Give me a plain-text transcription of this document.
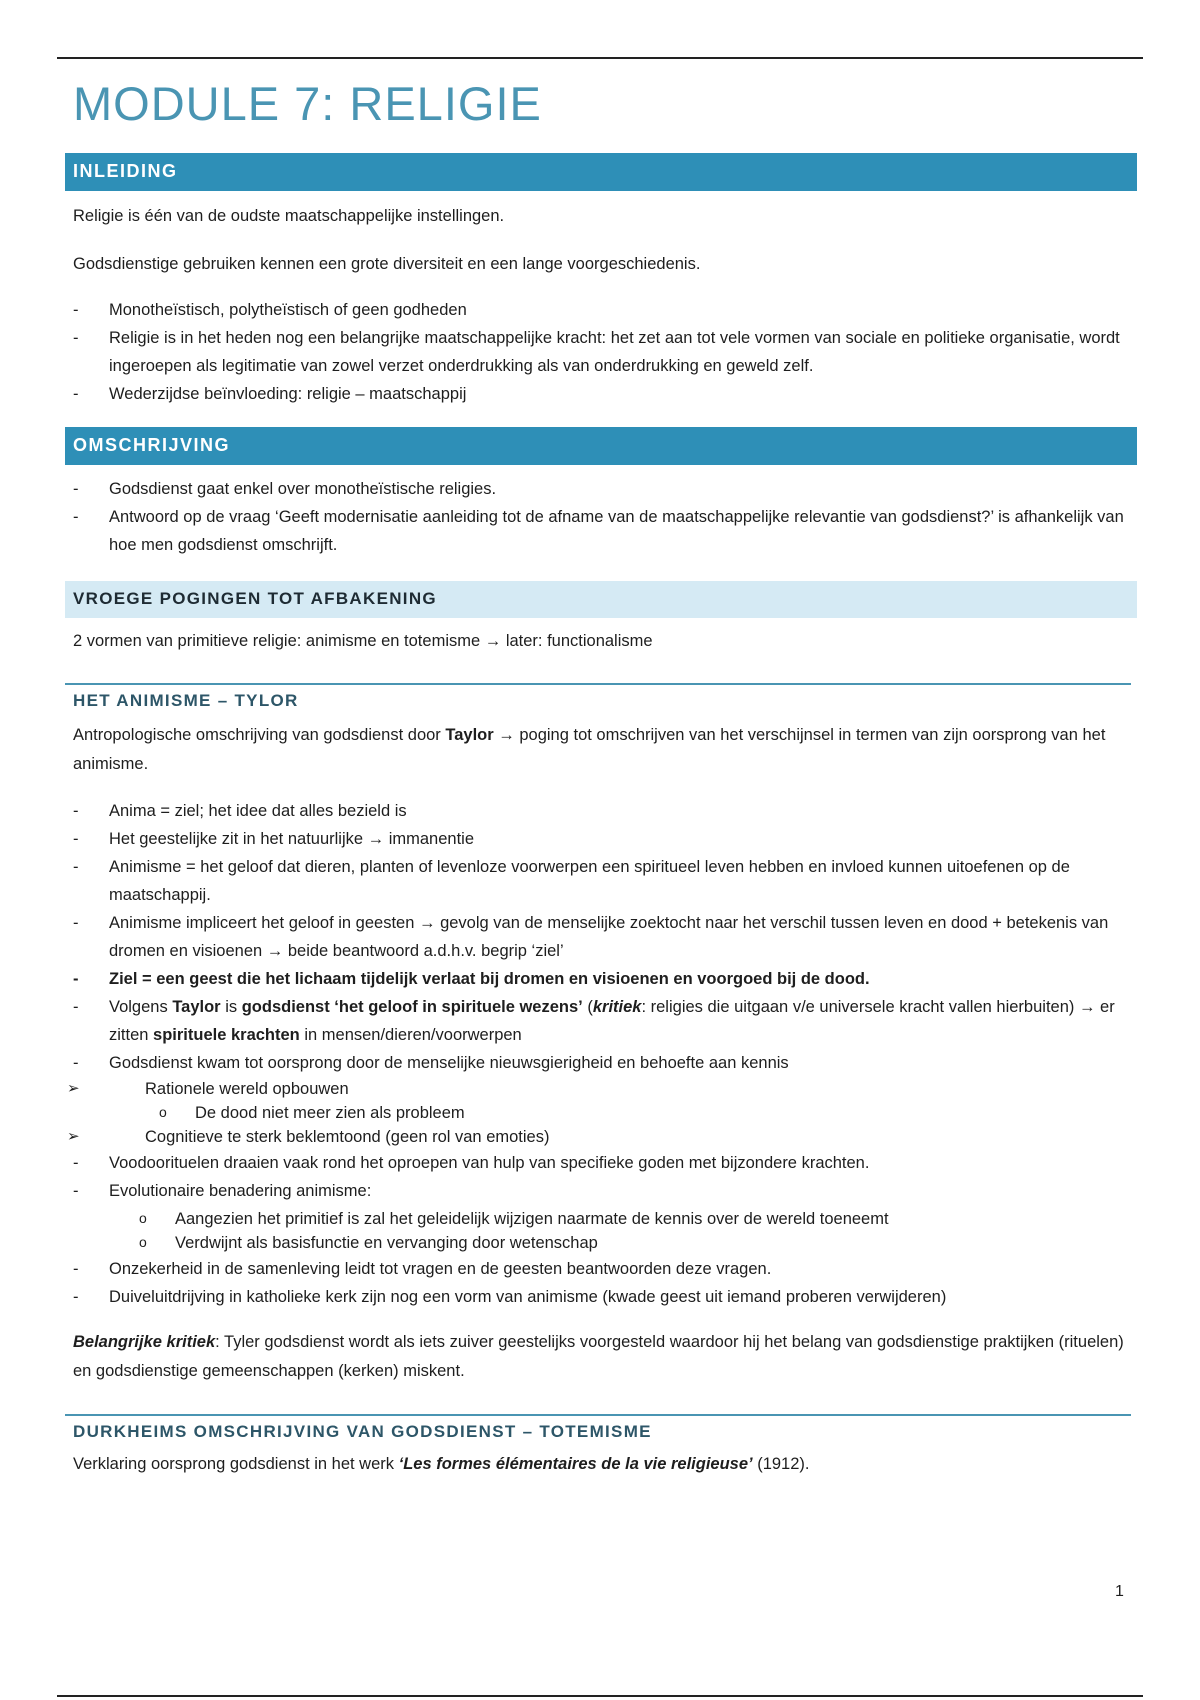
MODULE 7: RELIGIE
INLEIDING

Religie is één van de oudste maatschappelijke instellingen.

Godsdienstige gebruiken kennen een grote diversiteit en een lange voorgeschiedenis.

- Monotheïstisch, polytheïstisch of geen godheden
- Religie is in het heden nog een belangrijke maatschappelijke kracht: het zet aan tot vele vormen van sociale en politieke organisatie, wordt ingeroepen als legitimatie van zowel verzet onderdrukking als van onderdrukking en geweld zelf.
- Wederzijdse beïnvloeding: religie – maatschappij
OMSCHRIJVING
- Godsdienst gaat enkel over monotheïstische religies.
- Antwoord op de vraag ‘Geeft modernisatie aanleiding tot de afname van de maatschappelijke relevantie van godsdienst?’ is afhankelijk van hoe men godsdienst omschrijft.
VROEGE POGINGEN TOT AFBAKENING

2 vormen van primitieve religie: animisme en totemisme → later: functionalisme

HET ANIMISME – TYLOR

Antropologische omschrijving van godsdienst door Taylor → poging tot omschrijven van het verschijnsel in termen van zijn oorsprong van het animisme.

- Anima = ziel; het idee dat alles bezield is
- Het geestelijke zit in het natuurlijke → immanentie
- Animisme = het geloof dat dieren, planten of levenloze voorwerpen een spiritueel leven hebben en invloed kunnen uitoefenen op de maatschappij.
- Animisme impliceert het geloof in geesten → gevolg van de menselijke zoektocht naar het verschil tussen leven en dood + betekenis van dromen en visioenen → beide beantwoord a.d.h.v. begrip ‘ziel’
- Ziel = een geest die het lichaam tijdelijk verlaat bij dromen en visioenen en voorgoed bij de dood.
- Volgens Taylor is godsdienst ‘het geloof in spirituele wezens’ (kritiek: religies die uitgaan v/e universele kracht vallen hierbuiten) → er zitten spirituele krachten in mensen/dieren/voorwerpen
- Godsdienst kwam tot oorsprong door de menselijke nieuwsgierigheid en behoefte aan kennis
➢ Rationele wereld opbouwen
o De dood niet meer zien als probleem
➢ Cognitieve te sterk beklemtoond (geen rol van emoties)
- Voodoorituelen draaien vaak rond het oproepen van hulp van specifieke goden met bijzondere krachten.
- Evolutionaire benadering animisme:
o Aangezien het primitief is zal het geleidelijk wijzigen naarmate de kennis over de wereld toeneemt
o Verdwijnt als basisfunctie en vervanging door wetenschap
- Onzekerheid in de samenleving leidt tot vragen en de geesten beantwoorden deze vragen.
- Duiveluitdrijving in katholieke kerk zijn nog een vorm van animisme (kwade geest uit iemand proberen verwijderen)

Belangrijke kritiek: Tyler godsdienst wordt als iets zuiver geestelijks voorgesteld waardoor hij het belang van godsdienstige praktijken (rituelen) en godsdienstige gemeenschappen (kerken) miskent.

DURKHEIMS OMSCHRIJVING VAN GODSDIENST – TOTEMISME

Verklaring oorsprong godsdienst in het werk ‘Les formes élémentaires de la vie religieuse’ (1912).

1
